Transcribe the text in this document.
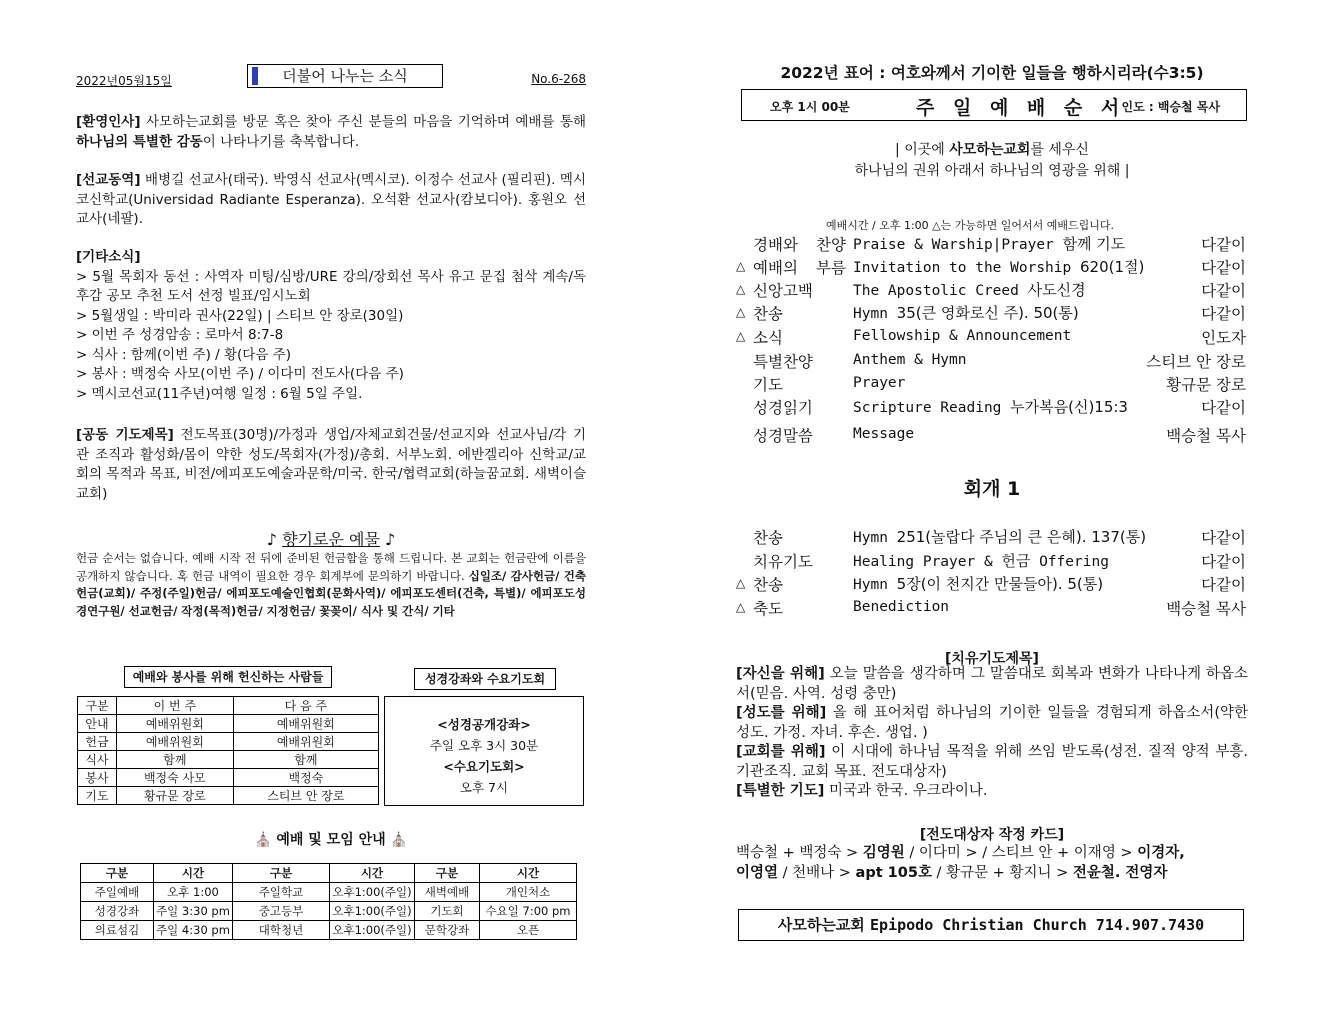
2022년05월15일	더불어 나누는 소식	No.6-268
[환영인사] 사모하는교회를 방문 혹은 찾아 주신 분들의 마음을 기억하며 예배를 통해 하나님의 특별한 감동이 나타나기를 축복합니다.
[선교동역] 배병길 선교사(태국). 박영식 선교사(멕시코). 이정수 선교사 (필리핀). 멕시코신학교(Universidad Radiante Esperanza). 오석환 선교사(캄보디아). 홍원오 선교사(네팔).
[기타소식]
> 5월 목회자 동선 : 사역자 미팅/심방/URE 강의/장회선 목사 유고 문집 첨삭 계속/독후감 공모 추천 도서 선정 빌표/임시노회
> 5월생일 : 박미라 권사(22일) | 스티브 안 장로(30일)
> 이번 주 성경암송 : 로마서 8:7-8
> 식사 : 함께(이번 주) / 황(다음 주)
> 봉사 : 백정숙 사모(이번 주) / 이다미 전도사(다음 주)
> 멕시코선교(11주년)여행 일정 : 6월 5일 주일.
[공동 기도제목] 전도목표(30명)/가정과 생업/자체교회건물/선교지와 선교사님/각 기관 조직과 활성화/몸이 약한 성도/목회자(가정)/총회. 서부노회. 에반겔리아 신학교/교회의 목적과 목표, 비전/에피포도예술과문학/미국. 한국/협력교회(하늘꿈교회. 새벽이슬교회)
♪ 향기로운 예물 ♪
헌금 순서는 없습니다. 예배 시작 전 뒤에 준비된 헌금함을 통해 드립니다. 본 교회는 헌금란에 이름을 공개하지 않습니다. 혹 헌금 내역이 필요한 경우 회계부에 문의하기 바랍니다. 십일조/ 감사헌금/ 건축헌금(교회)/ 주정(주일)헌금/ 에피포도예술인협회(문화사역)/ 에피포도센터(건축, 특별)/ 에피포도성경연구원/ 선교헌금/ 작정(목적)헌금/ 지정헌금/ 꽃꽂이/ 식사 및 간식/ 기타
예배와 봉사를 위해 헌신하는 사람들	성경강좌와 수요기도회
구분	이 번 주	다 음 주
안내	예배위원회	예배위원회
헌금	예배위원회	예배위원회
식사	함께	함께
봉사	백정숙 사모	백정숙
기도	황규문 장로	스티브 안 장로
<성경공개강좌>
주일 오후 3시 30분
<수요기도회>
오후 7시
⛪ 예배 및 모임 안내 ⛪
구분	시간	구분	시간	구분	시간
주일예배	오후 1:00	주일학교	오후1:00(주일)	새벽예배	개인처소
성경강좌	주일 3:30 pm	중고등부	오후1:00(주일)	기도회	수요일 7:00 pm
의료섬김	주일 4:30 pm	대학청년	오후1:00(주일)	문학강좌	오픈
2022년 표어 : 여호와께서 기이한 일들을 행하시리라(수3:5)
오후 1시 00분	주 일 예 배 순 서
인도 : 백승철 목사
| 이곳에 사모하는교회를 세우신
하나님의 권위 아래서 하나님의 영광을 위해 |
예배시간 / 오후 1:00 △는 가능하면 일어서서 예배드립니다.
경배와 찬양 Praise & Warship|Prayer 함께 기도	다같이
△ 예배의 부름 Invitation to the Worship 620(1절)	다같이
△ 신앙고백	The Apostolic Creed 사도신경	다같이
△ 찬송	Hymn 35(큰 영화로신 주). 50(통)	다같이
△ 소식	Fellowship & Announcement	인도자
특별찬양	Anthem & Hymn	스티브 안 장로
기도	Prayer	황규문 장로
성경읽기	Scripture Reading 누가복음(신)15:3	다같이
성경말씀	Message	백승철 목사
회개 1
찬송	Hymn 251(놀랍다 주님의 큰 은혜). 137(통)	다같이
치유기도	Healing Prayer & 헌금 Offering	다같이
△ 찬송	Hymn 5장(이 천지간 만물들아). 5(통)	다같이
△ 축도	Benediction	백승철 목사
[치유기도제목]
[자신을 위해] 오늘 말씀을 생각하며 그 말씀대로 회복과 변화가 나타나게 하옵소서(믿음. 사역. 성령 충만)
[성도를 위해] 올 해 표어처럼 하나님의 기이한 일들을 경험되게 하옵소서(약한 성도. 가정. 자녀. 후손. 생업. )
[교회를 위해] 이 시대에 하나님 목적을 위해 쓰임 받도록(성전. 질적 양적 부흥. 기관조직. 교회 목표. 전도대상자)
[특별한 기도] 미국과 한국. 우크라이나.
[전도대상자 작정 카드]
백승철 + 백정숙 > 김영원 / 이다미 > / 스티브 안 + 이재영 > 이경자,
이영열 / 천배나 > apt 105호 / 황규문 + 황지니 > 전윤철. 전영자
사모하는교회 Epipodo Christian Church 714.907.7430
